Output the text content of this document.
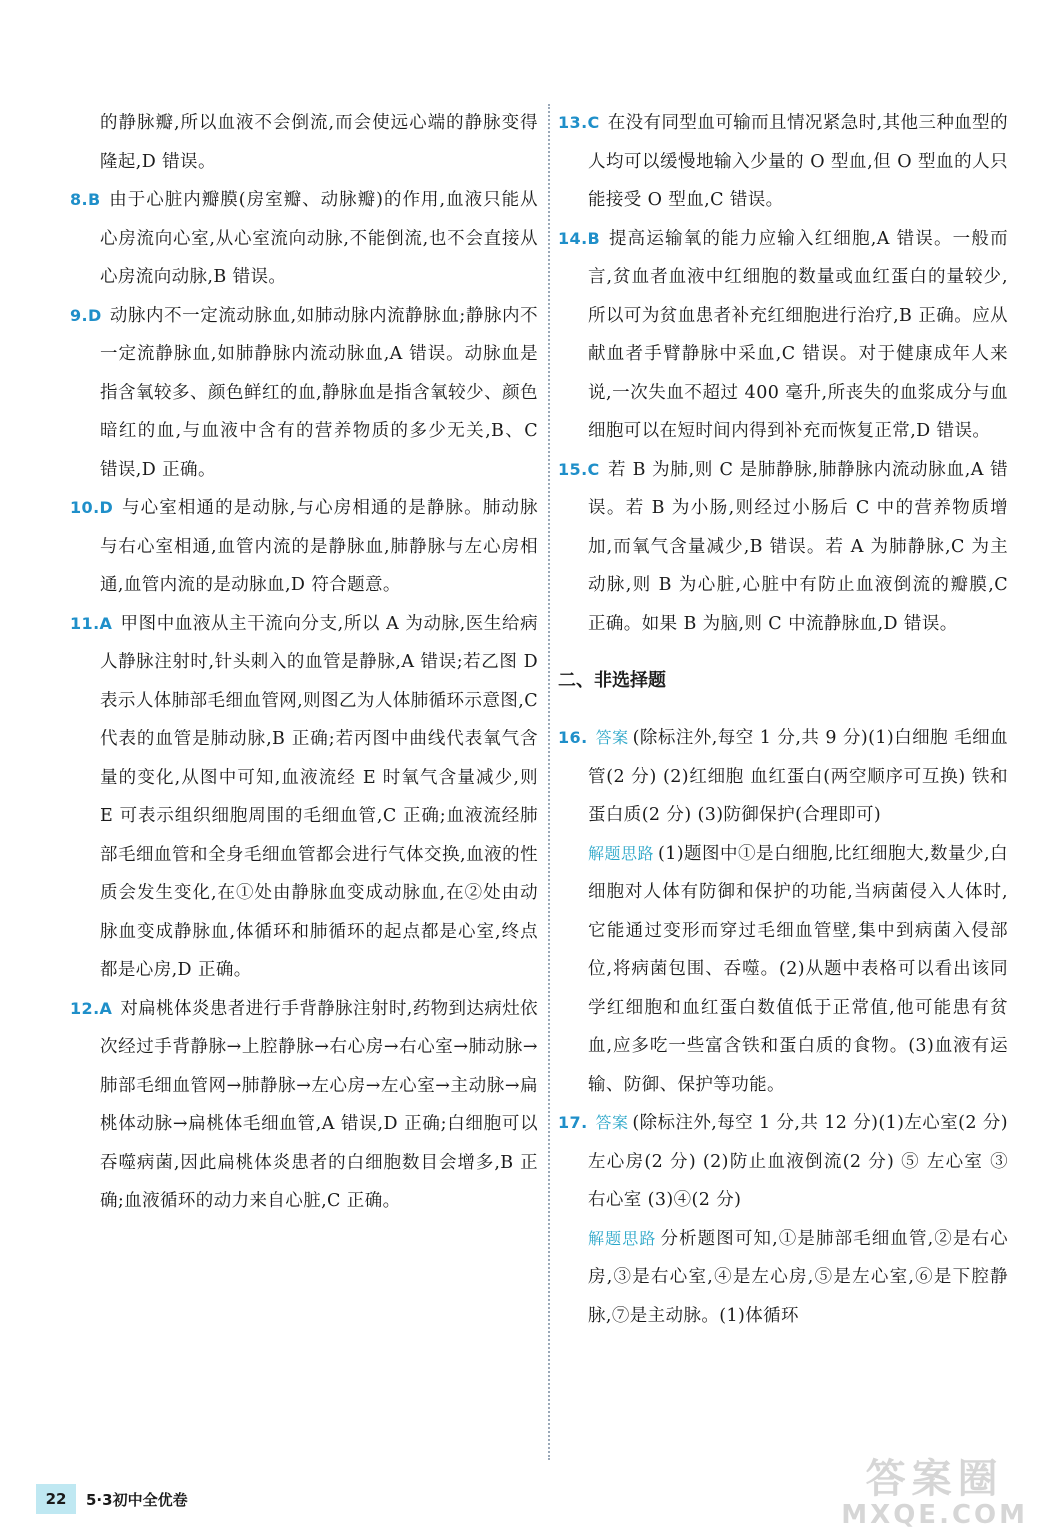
的静脉瓣,所以血液不会倒流,而会使远心端的静脉变得隆起,D 错误。

8.B 由于心脏内瓣膜(房室瓣、动脉瓣)的作用,血液只能从心房流向心室,从心室流向动脉,不能倒流,也不会直接从心房流向动脉,B 错误。

9.D 动脉内不一定流动脉血,如肺动脉内流静脉血;静脉内不一定流静脉血,如肺静脉内流动脉血,A 错误。动脉血是指含氧较多、颜色鲜红的血,静脉血是指含氧较少、颜色暗红的血,与血液中含有的营养物质的多少无关,B、C 错误,D 正确。

10.D 与心室相通的是动脉,与心房相通的是静脉。肺动脉与右心室相通,血管内流的是静脉血,肺静脉与左心房相通,血管内流的是动脉血,D 符合题意。

11.A 甲图中血液从主干流向分支,所以 A 为动脉,医生给病人静脉注射时,针头刺入的血管是静脉,A 错误;若乙图 D 表示人体肺部毛细血管网,则图乙为人体肺循环示意图,C 代表的血管是肺动脉,B 正确;若丙图中曲线代表氧气含量的变化,从图中可知,血液流经 E 时氧气含量减少,则 E 可表示组织细胞周围的毛细血管,C 正确;血液流经肺部毛细血管和全身毛细血管都会进行气体交换,血液的性质会发生变化,在①处由静脉血变成动脉血,在②处由动脉血变成静脉血,体循环和肺循环的起点都是心室,终点都是心房,D 正确。

12.A 对扁桃体炎患者进行手背静脉注射时,药物到达病灶依次经过手背静脉→上腔静脉→右心房→右心室→肺动脉→肺部毛细血管网→肺静脉→左心房→左心室→主动脉→扁桃体动脉→扁桃体毛细血管,A 错误,D 正确;白细胞可以吞噬病菌,因此扁桃体炎患者的白细胞数目会增多,B 正确;血液循环的动力来自心脏,C 正确。

13.C 在没有同型血可输而且情况紧急时,其他三种血型的人均可以缓慢地输入少量的 O 型血,但 O 型血的人只能接受 O 型血,C 错误。

14.B 提高运输氧的能力应输入红细胞,A 错误。一般而言,贫血者血液中红细胞的数量或血红蛋白的量较少,所以可为贫血患者补充红细胞进行治疗,B 正确。应从献血者手臂静脉中采血,C 错误。对于健康成年人来说,一次失血不超过 400 毫升,所丧失的血浆成分与血细胞可以在短时间内得到补充而恢复正常,D 错误。

15.C 若 B 为肺,则 C 是肺静脉,肺静脉内流动脉血,A 错误。若 B 为小肠,则经过小肠后 C 中的营养物质增加,而氧气含量减少,B 错误。若 A 为肺静脉,C 为主动脉,则 B 为心脏,心脏中有防止血液倒流的瓣膜,C 正确。如果 B 为脑,则 C 中流静脉血,D 错误。

二、非选择题

16. 答案 (除标注外,每空 1 分,共 9 分)(1)白细胞 毛细血管(2 分) (2)红细胞 血红蛋白(两空顺序可互换) 铁和蛋白质(2 分) (3)防御保护(合理即可)

解题思路 (1)题图中①是白细胞,比红细胞大,数量少,白细胞对人体有防御和保护的功能,当病菌侵入人体时,它能通过变形而穿过毛细血管壁,集中到病菌入侵部位,将病菌包围、吞噬。(2)从题中表格可以看出该同学红细胞和血红蛋白数值低于正常值,他可能患有贫血,应多吃一些富含铁和蛋白质的食物。(3)血液有运输、防御、保护等功能。

17. 答案 (除标注外,每空 1 分,共 12 分)(1)左心室(2 分) 左心房(2 分) (2)防止血液倒流(2 分) ⑤ 左心室 ③ 右心室 (3)④(2 分)

解题思路 分析题图可知,①是肺部毛细血管,②是右心房,③是右心室,④是左心房,⑤是左心室,⑥是下腔静脉,⑦是主动脉。(1)体循环

22	5·3初中全优卷	答案圈
MXQE.COM
